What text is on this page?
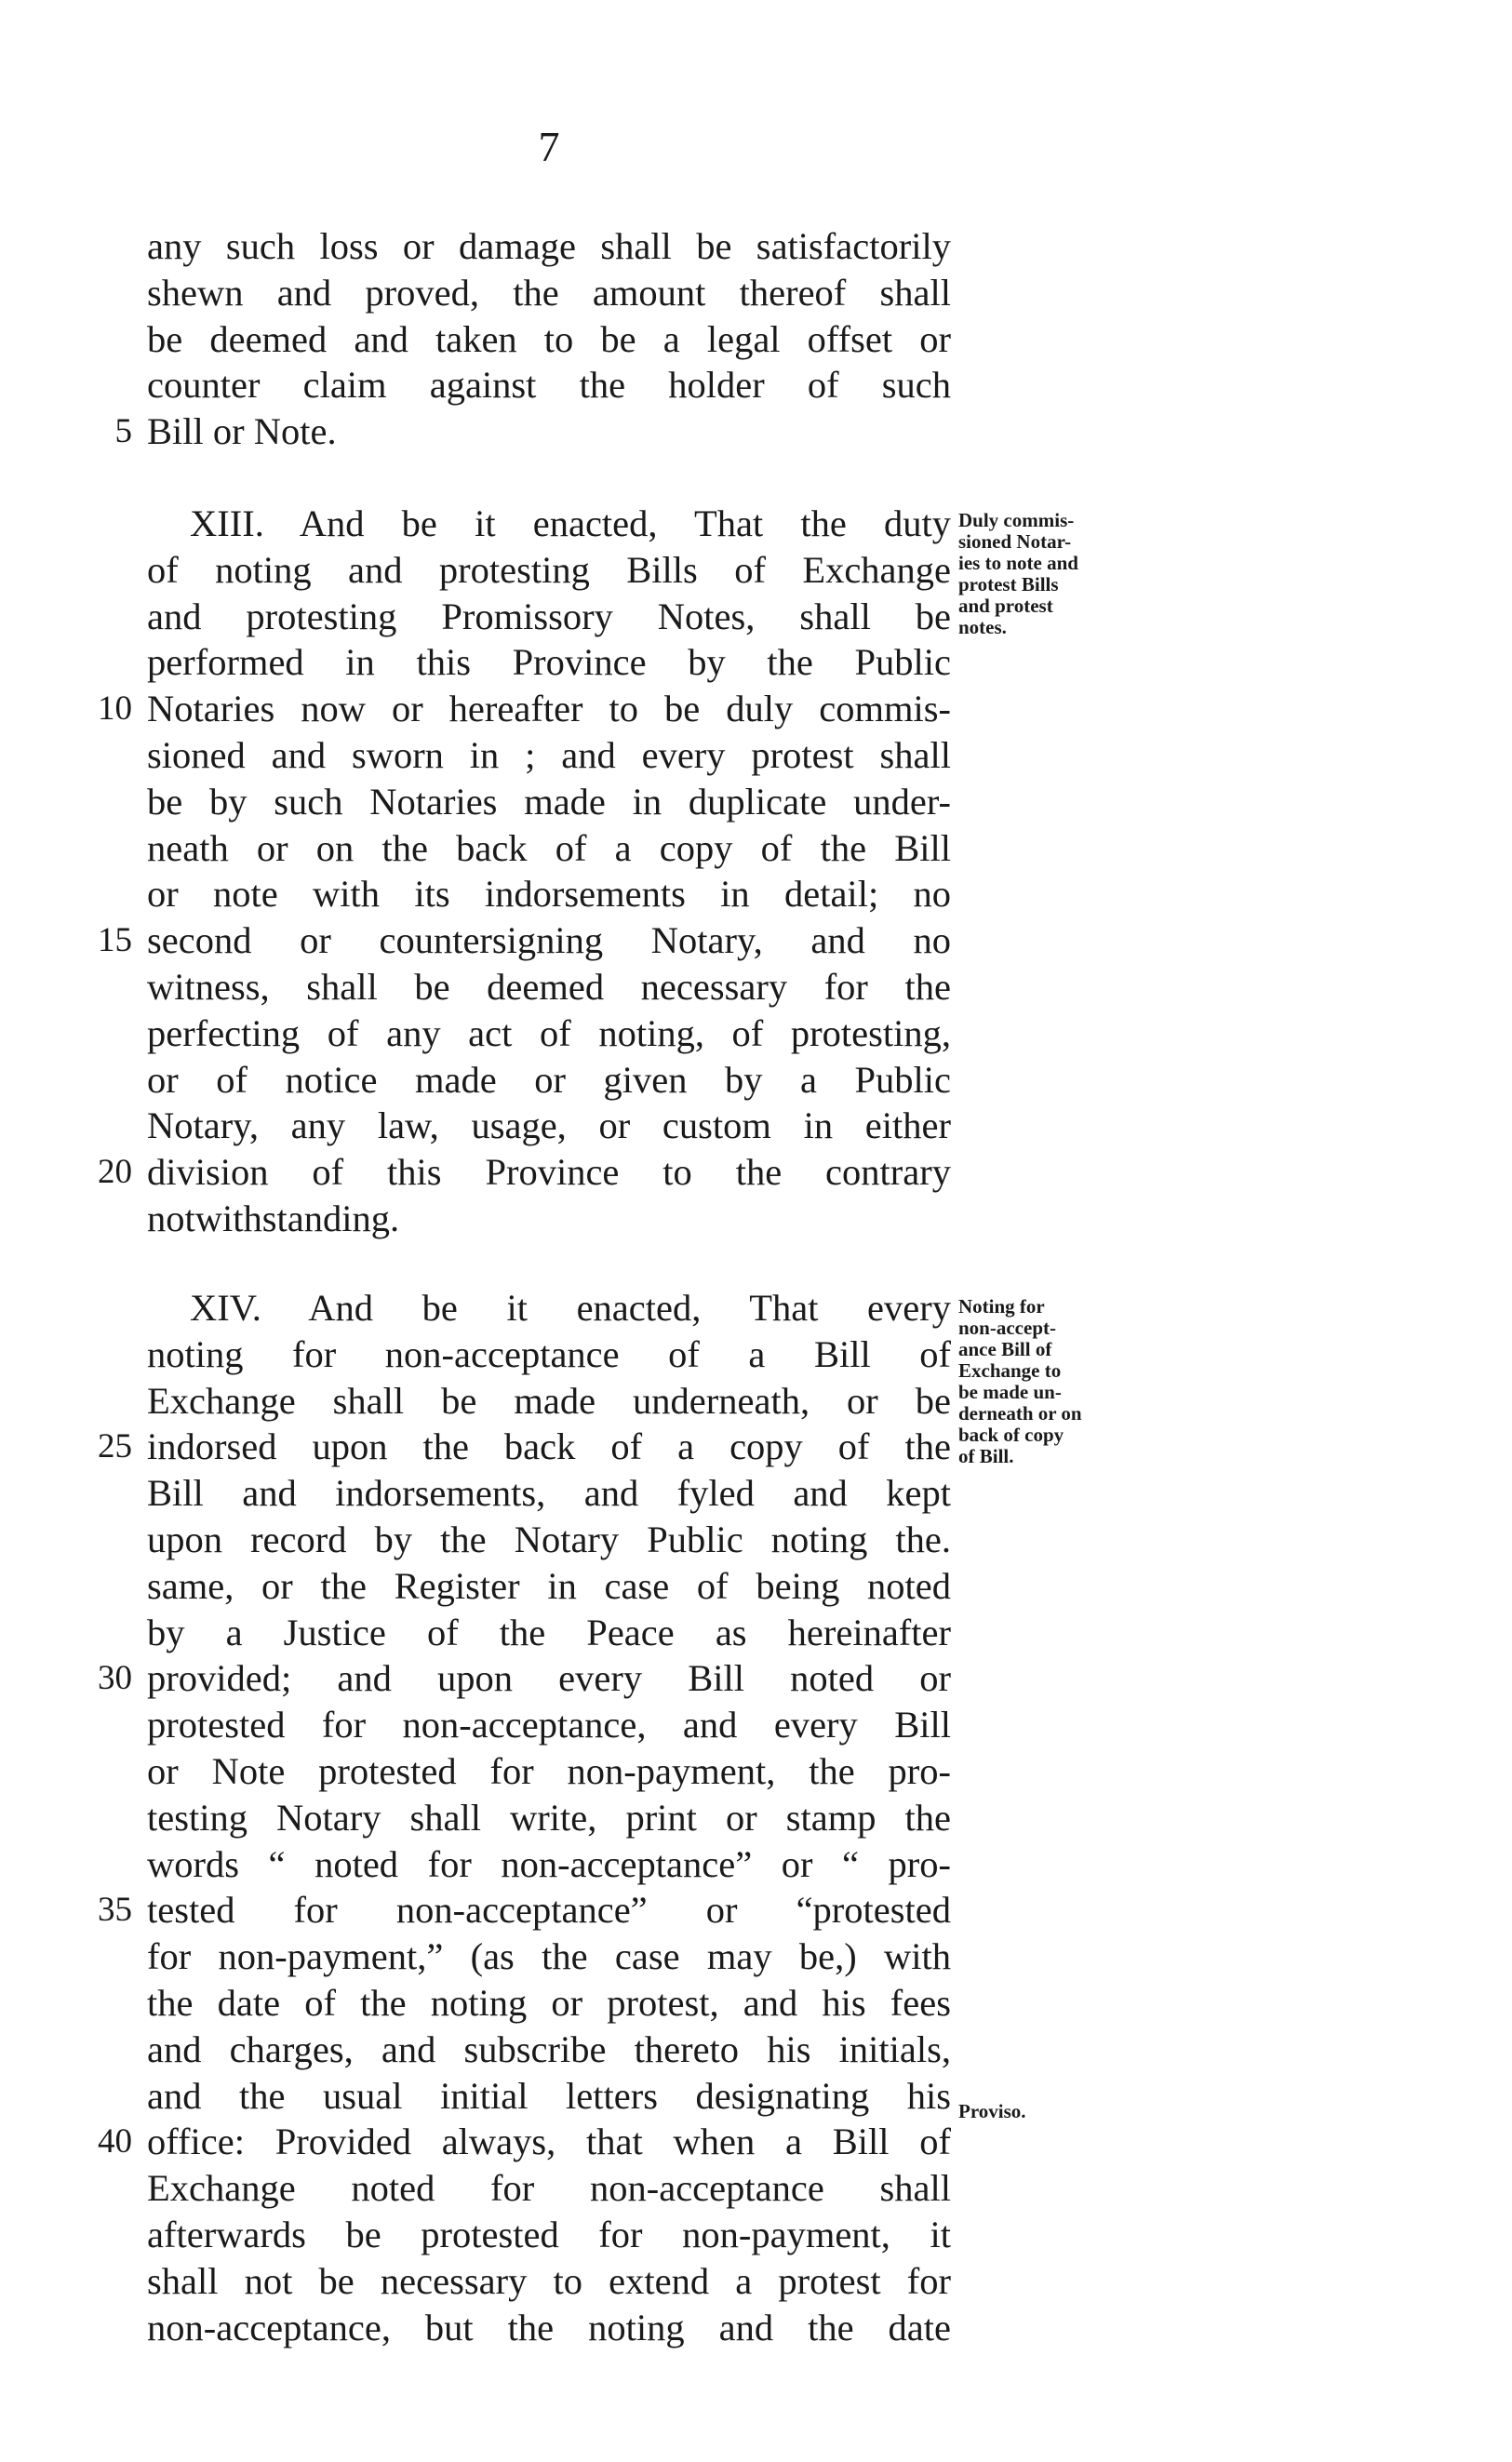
7
any such loss or damage shall be satisfactorily
shewn and proved, the amount thereof shall
be deemed and taken to be a legal offset or
counter claim against the holder of such
5 Bill or Note.
XIII. And be it enacted, That the duty
of noting and protesting Bills of Exchange
and protesting Promissory Notes, shall be
performed in this Province by the Public
10 Notaries now or hereafter to be duly commis-
sioned and sworn in ; and every protest shall
be by such Notaries made in duplicate under-
neath or on the back of a copy of the Bill
or note with its indorsements in detail; no
15 second or countersigning Notary, and no
witness, shall be deemed necessary for the
perfecting of any act of noting, of protesting,
or of notice made or given by a Public
Notary, any law, usage, or custom in either
20 division of this Province to the contrary
notwithstanding.
XIV. And be it enacted, That every
noting for non-acceptance of a Bill of
Exchange shall be made underneath, or be
25 indorsed upon the back of a copy of the
Bill and indorsements, and fyled and kept
upon record by the Notary Public noting the.
same, or the Register in case of being noted
by a Justice of the Peace as hereinafter
30 provided; and upon every Bill noted or
protested for non-acceptance, and every Bill
or Note protested for non-payment, the pro-
testing Notary shall write, print or stamp the
words “ noted for non-acceptance” or “ pro-
35 tested for non-acceptance” or “protested
for non-payment,” (as the case may be,) with
the date of the noting or protest, and his fees
and charges, and subscribe thereto his initials,
and the usual initial letters designating his
40 office: Provided always, that when a Bill of
Exchange noted for non-acceptance shall
afterwards be protested for non-payment, it
shall not be necessary to extend a protest for
non-acceptance, but the noting and the date
Duly commis-
sioned Notar-
ies to note and
protest Bills
and protest
notes.
Noting for
non-accept-
ance Bill of
Exchange to
be made un-
derneath or on
back of copy
of Bill.
Proviso.
